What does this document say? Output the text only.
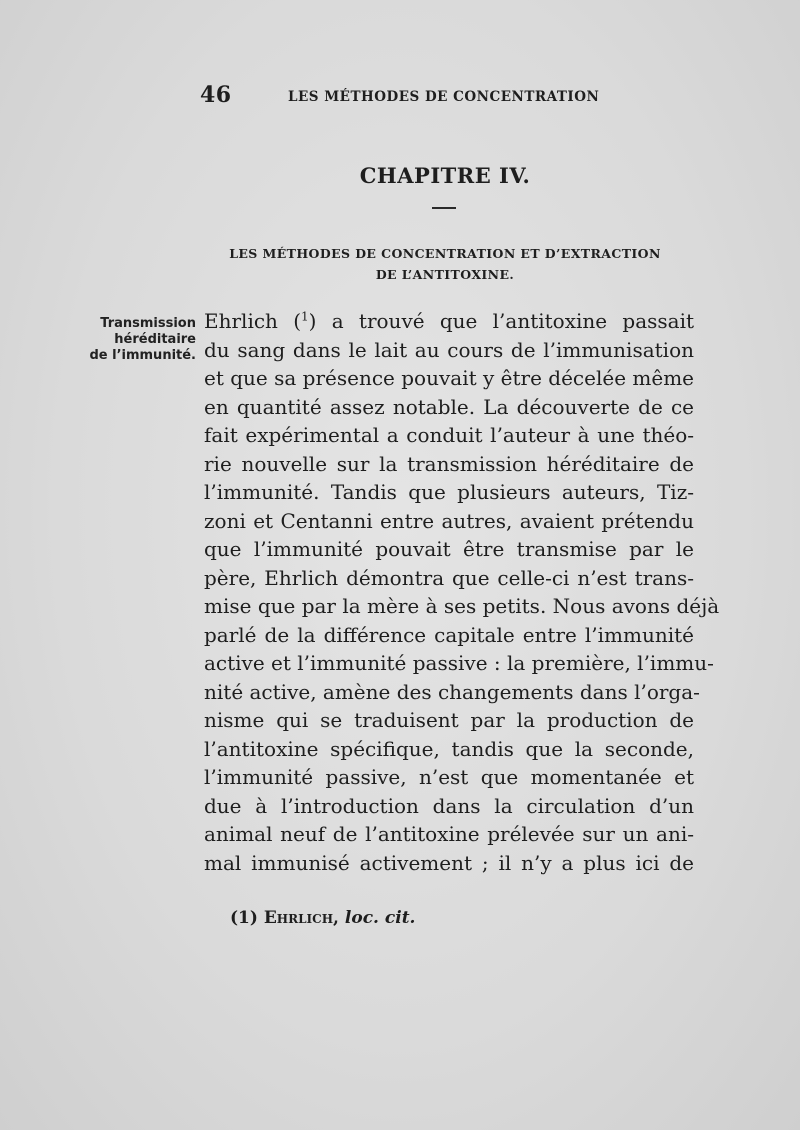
46	LES MÉTHODES DE CONCENTRATION
CHAPITRE IV.
LES MÉTHODES DE CONCENTRATION ET D’EXTRACTION
DE L’ANTITOXINE.
Transmission
héréditaire
de l’immunité.
Ehrlich ($^1$) a trouvé que l’antitoxine passait
du sang dans le lait au cours de l’immunisation
et que sa présence pouvait y être décelée même
en quantité assez notable. La découverte de ce
fait expérimental a conduit l’auteur à une théo-
rie nouvelle sur la transmission héréditaire de
l’immunité. Tandis que plusieurs auteurs, Tiz-
zoni et Centanni entre autres, avaient prétendu
que l’immunité pouvait être transmise par le
père, Ehrlich démontra que celle-ci n’est trans-
mise que par la mère à ses petits. Nous avons déjà
parlé de la différence capitale entre l’immunité
active et l’immunité passive : la première, l’immu-
nité active, amène des changements dans l’orga-
nisme qui se traduisent par la production de
l’antitoxine spécifique, tandis que la seconde,
l’immunité passive, n’est que momentanée et
due à l’introduction dans la circulation d’un
animal neuf de l’antitoxine prélevée sur un ani-
mal immunisé activement ; il n’y a plus ici de
(1) Ehrlich, loc. cit.
